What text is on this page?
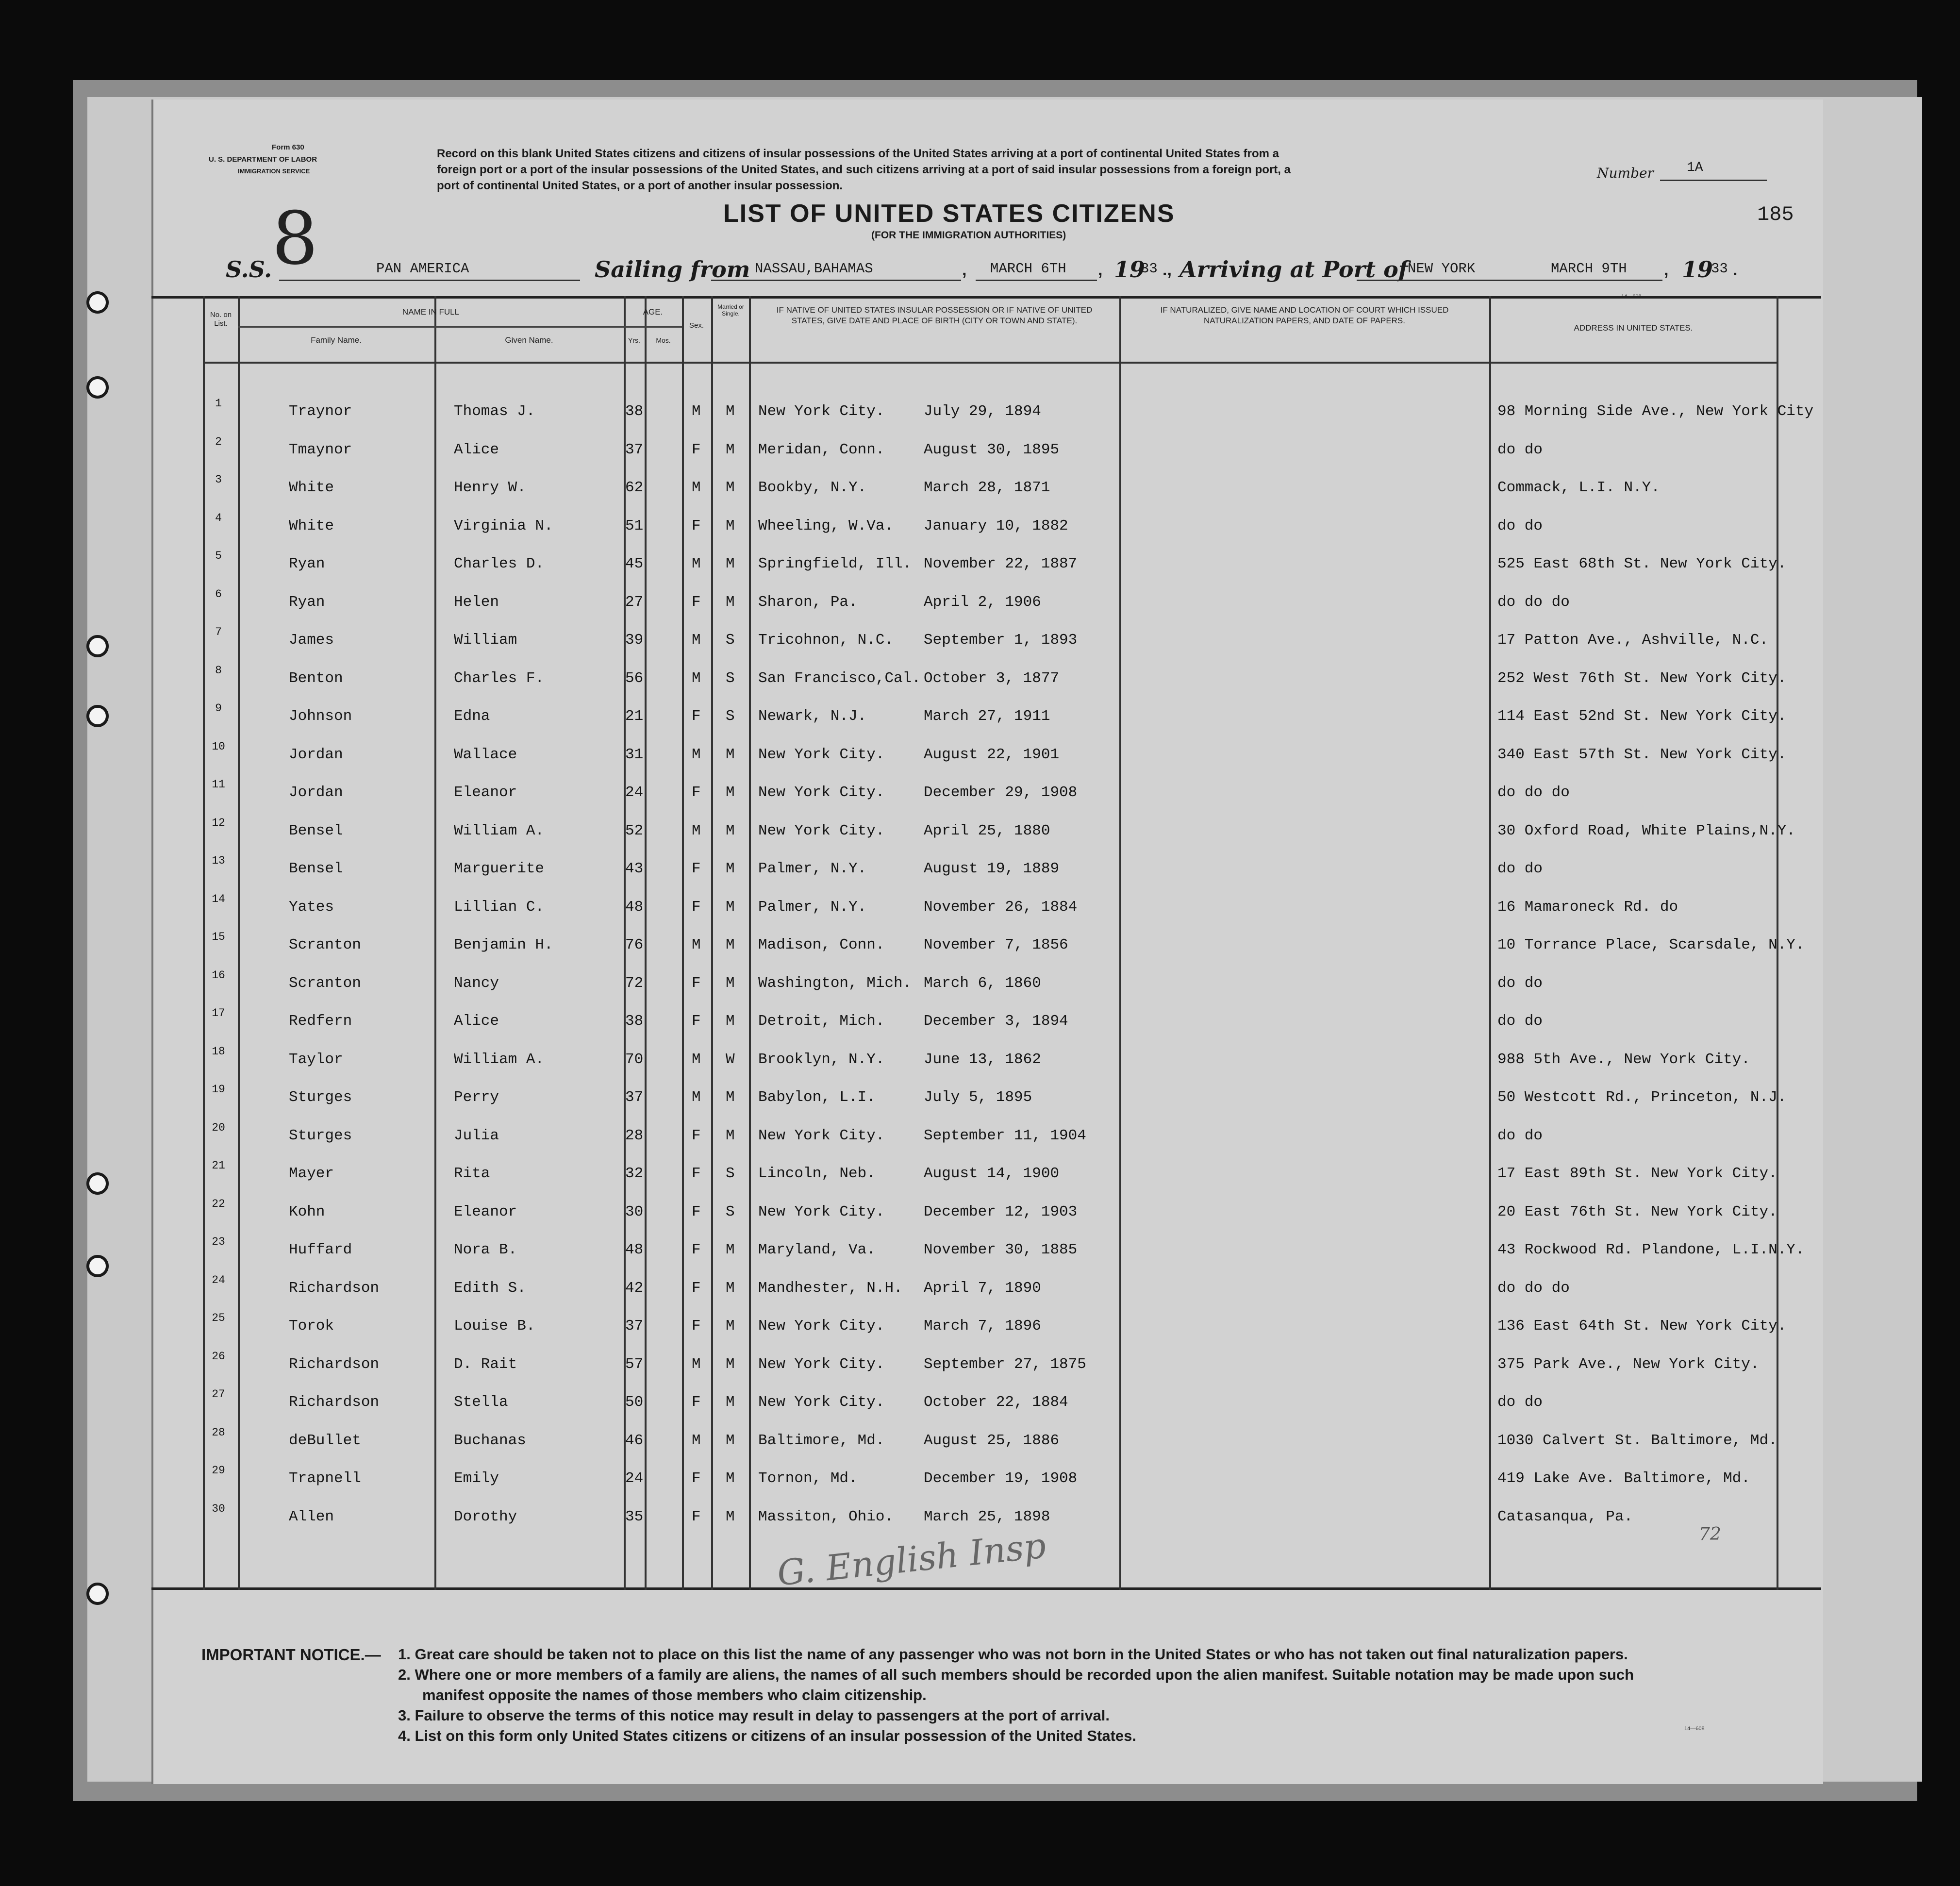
Form 630
U. S. DEPARTMENT OF LABOR
IMMIGRATION SERVICE
Record on this blank United States citizens and citizens of insular possessions of the United States arriving at a port of continental United States from a
foreign port or a port of the insular possessions of the United States, and such citizens arriving at a port of said insular possessions from a foreign port, a
port of continental United States, or a port of another insular possession.
Number 1A
8	LIST OF UNITED STATES CITIZENS
(FOR THE IMMIGRATION AUTHORITIES)
185
S.S.	PAN AMERICA	Sailing from NASSAU,BAHAMAS	, MARCH 6TH , 19
33 ., Arriving at Port of NEW YORK	MARCH 9TH , 19
33 .
14—608
No. on List.
NAME IN FULL
Family Name.	Given Name.
AGE.
Yrs.	Mos.
Sex.
Married or Single.	IF NATIVE OF UNITED STATES INSULAR POSSESSION OR IF NATIVE OF UNITED STATES, GIVE DATE AND PLACE OF BIRTH (CITY OR TOWN AND STATE).
IF NATURALIZED, GIVE NAME AND LOCATION OF COURT WHICH ISSUED NATURALIZATION PAPERS, AND DATE OF PAPERS.
ADDRESS IN UNITED STATES.
1	Traynor	Thomas J.	38	M M New York City.	July 29, 1894	98 Morning Side Ave., New York City
2	Tmaynor	Alice	37	F M Meridan, Conn.	August 30, 1895	do do
3	White	Henry W.	62	M M Bookby, N.Y.	March 28, 1871	Commack, L.I. N.Y.
4	White	Virginia N.	51	F M Wheeling, W.Va. January 10, 1882	do do
5	Ryan	Charles D.	45	M M Springfield, Ill. November 22, 1887	525 East 68th St. New York City.
6	Ryan	Helen	27	F M Sharon, Pa.	April 2, 1906	do do do
7	James	William	39	M S Tricohnon, N.C. September 1, 1893	17 Patton Ave., Ashville, N.C.
8	Benton	Charles F.	56	M S San Francisco,Cal. October 3, 1877	252 West 76th St. New York City.
9	Johnson	Edna	21	F S Newark, N.J.	March 27, 1911	114 East 52nd St. New York City.
10	Jordan	Wallace	31	M M New York City.	August 22, 1901	340 East 57th St. New York City.
11	Jordan	Eleanor	24	F M New York City.	December 29, 1908	do do do
12	Bensel	William A.	52	M M New York City.	April 25, 1880	30 Oxford Road, White Plains,N.Y.
13	Bensel	Marguerite	43	F M Palmer, N.Y.	August 19, 1889	do do
14	Yates	Lillian C.	48	F M Palmer, N.Y.	November 26, 1884	16 Mamaroneck Rd. do
15	Scranton	Benjamin H.	76	M M Madison, Conn.	November 7, 1856	10 Torrance Place, Scarsdale, N.Y.
16	Scranton	Nancy	72	F M Washington, Mich. March 6, 1860	do do
17	Redfern	Alice	38	F M Detroit, Mich.	December 3, 1894	do do
18	Taylor	William A.	70	M W Brooklyn, N.Y.	June 13, 1862	988 5th Ave., New York City.
19	Sturges	Perry	37	M M Babylon, L.I.	July 5, 1895	50 Westcott Rd., Princeton, N.J.
20	Sturges	Julia	28	F M New York City.	September 11, 1904	do do
21	Mayer	Rita	32	F S Lincoln, Neb.	August 14, 1900	17 East 89th St. New York City.
22	Kohn	Eleanor	30	F S New York City.	December 12, 1903	20 East 76th St. New York City.
23	Huffard	Nora B.	48	F M Maryland, Va.	November 30, 1885	43 Rockwood Rd. Plandone, L.I.N.Y.
24	Richardson	Edith S.	42	F M Mandhester, N.H. April 7, 1890	do do do
25	Torok	Louise B.	37	F M New York City.	March 7, 1896	136 East 64th St. New York City.
26	Richardson	D. Rait	57	M M New York City.	September 27, 1875	375 Park Ave., New York City.
27	Richardson	Stella	50	F M New York City.	October 22, 1884	do do
28	deBullet	Buchanas	46	M M Baltimore, Md.	August 25, 1886	1030 Calvert St. Baltimore, Md.
29	Trapnell	Emily	24	F M Tornon, Md.	December 19, 1908	419 Lake Ave. Baltimore, Md.
30	Allen	Dorothy	35	F M Massiton, Ohio. March 25, 1898	Catasanqua, Pa.
72
G. English Insp
IMPORTANT NOTICE.— 1. Great care should be taken not to place on this list the name of any passenger who was not born in the United States or who has not taken out final naturalization papers.
2. Where one or more members of a family are aliens, the names of all such members should be recorded upon the alien manifest. Suitable notation may be made upon such
manifest opposite the names of those members who claim citizenship.
3. Failure to observe the terms of this notice may result in delay to passengers at the port of arrival.
4. List on this form only United States citizens or citizens of an insular possession of the United States.	14—608
